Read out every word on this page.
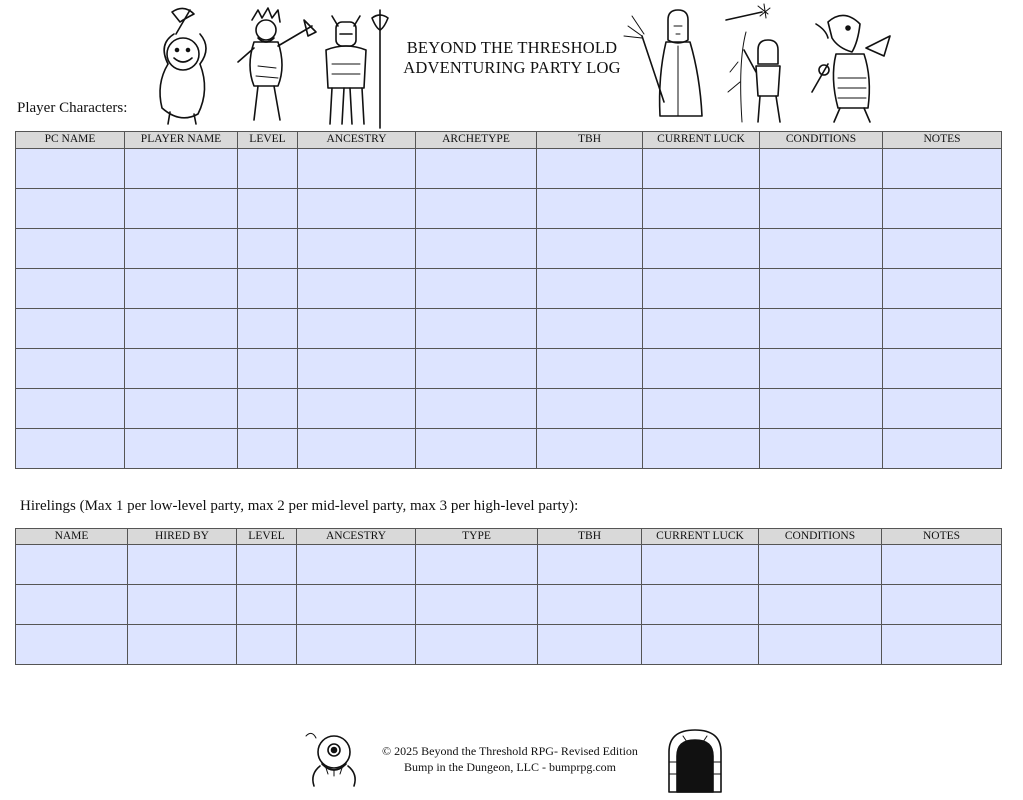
BEYOND THE THRESHOLD
ADVENTURING PARTY LOG
Player Characters:
PC NAME	PLAYER NAME	LEVEL	ANCESTRY	ARCHETYPE	TBH	CURRENT LUCK	CONDITIONS	NOTES
Hirelings (Max 1 per low-level party, max 2 per mid-level party, max 3 per high-level party):
NAME	HIRED BY	LEVEL	ANCESTRY	TYPE	TBH	CURRENT LUCK	CONDITIONS	NOTES
© 2025 Beyond the Threshold RPG- Revised Edition
Bump in the Dungeon, LLC - bumprpg.com
